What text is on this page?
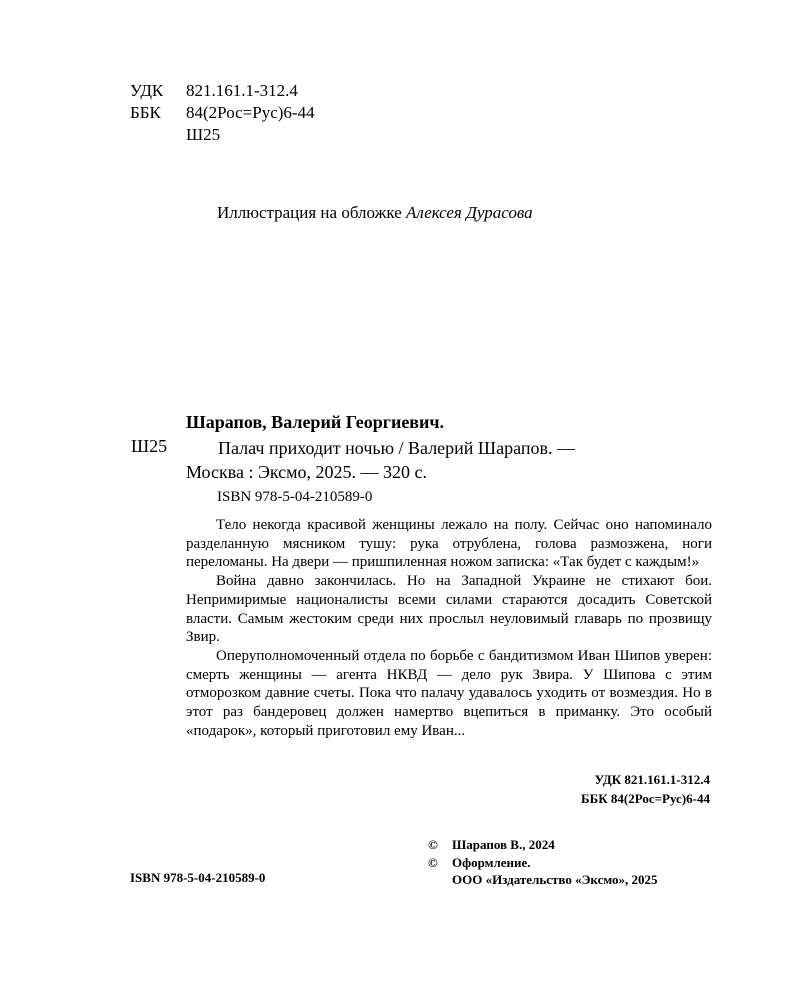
УДК	821.161.1-312.4
ББК	84(2Рос=Рус)6-44
Ш25
Иллюстрация на обложке Алексея Дурасова
Шарапов, Валерий Георгиевич.
Ш25	Палач приходит ночью / Валерий Шарапов. —
Москва : Эксмо, 2025. — 320 с.
ISBN 978-5-04-210589-0

Тело некогда красивой женщины лежало на полу. Сейчас оно напоминало разделанную мясником тушу: рука отрублена, голова размозжена, ноги переломаны. На двери — пришпиленная ножом записка: «Так будет с каждым!»

Война давно закончилась. Но на Западной Украине не стихают бои. Непримиримые националисты всеми силами стараются досадить Советской власти. Самым жестоким среди них прослыл неуловимый главарь по прозвищу Звир.

Оперуполномоченный отдела по борьбе с бандитизмом Иван Шипов уверен: смерть женщины — агента НКВД — дело рук Звира. У Шипова с этим отморозком давние счеты. Пока что палачу удавалось уходить от возмездия. Но в этот раз бандеровец должен намертво вцепиться в приманку. Это особый «подарок», который приготовил ему Иван...

УДК 821.161.1-312.4
ББК 84(2Рос=Рус)6-44
© Шарапов В., 2024
© Оформление.
ООО «Издательство «Эксмо», 2025
ISBN 978-5-04-210589-0
